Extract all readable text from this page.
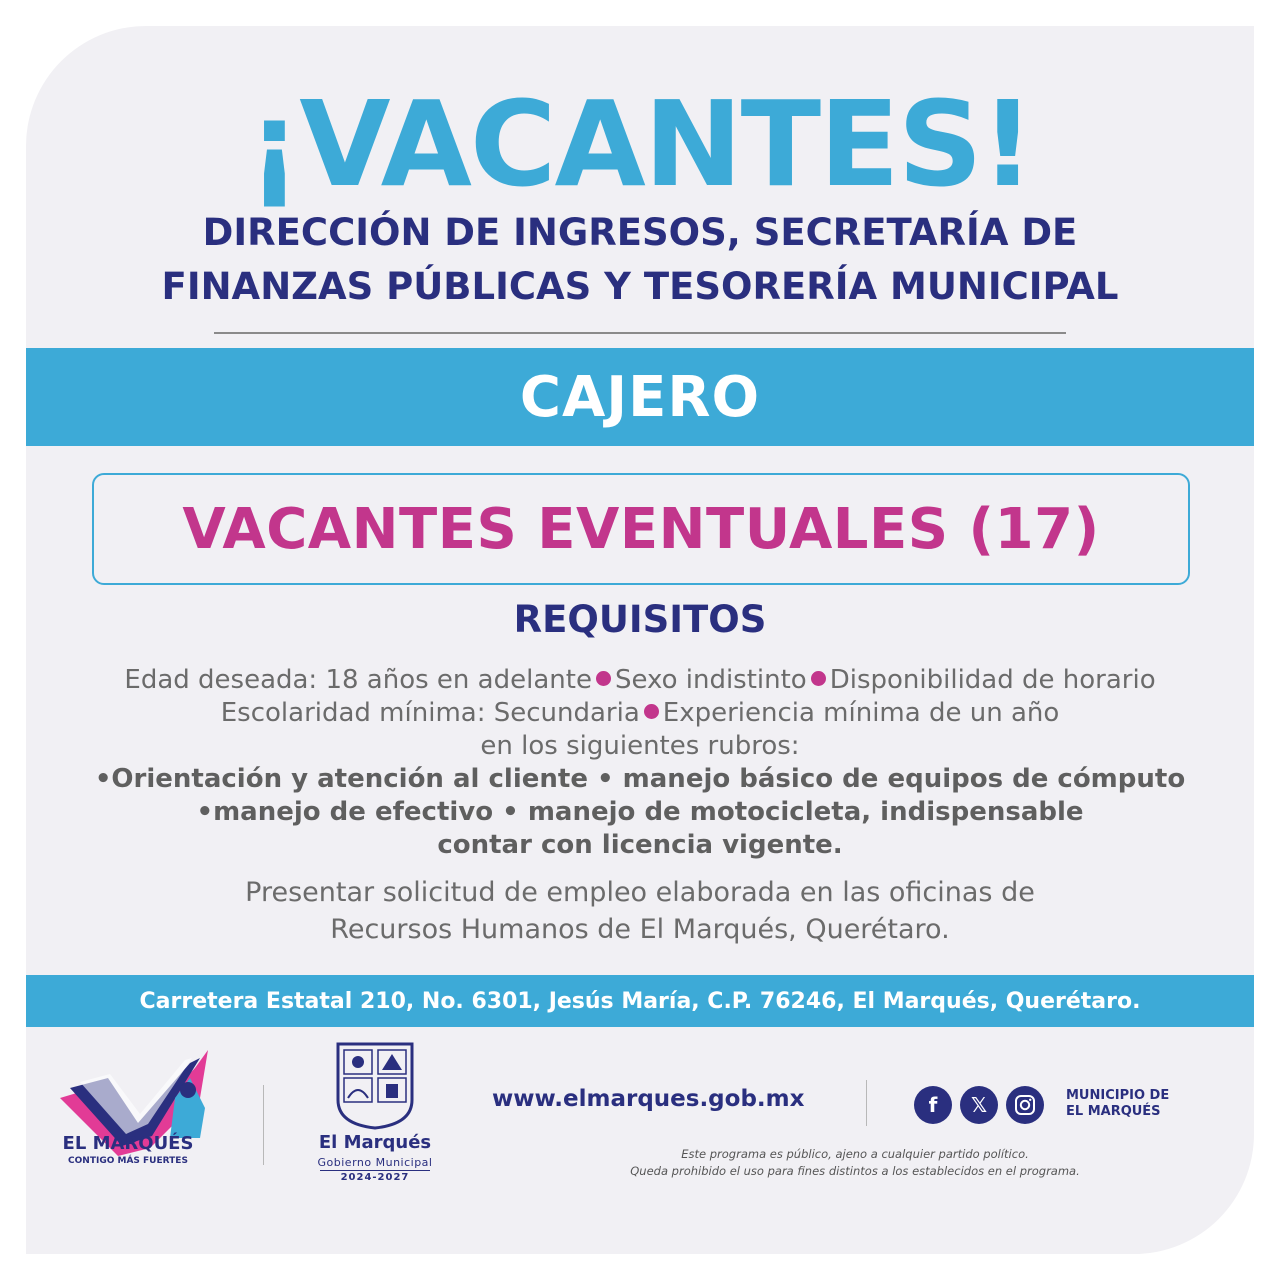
¡VACANTES!
DIRECCIÓN DE INGRESOS, SECRETARÍA DE
FINANZAS PÚBLICAS Y TESORERÍA MUNICIPAL
CAJERO
VACANTES EVENTUALES (17)
REQUISITOS
Edad deseada: 18 años en adelante Sexo indistinto Disponibilidad de horario
Escolaridad mínima: Secundaria Experiencia mínima de un año
en los siguientes rubros:
•Orientación y atención al cliente • manejo básico de equipos de cómputo
•manejo de efectivo • manejo de motocicleta, indispensable
contar con licencia vigente.
Presentar solicitud de empleo elaborada en las oficinas de
Recursos Humanos de El Marqués, Querétaro.
Carretera Estatal 210, No. 6301, Jesús María, C.P. 76246, El Marqués, Querétaro.
EL MARQUÉS
CONTIGO MÁS FUERTES
El Marqués
Gobierno Municipal
2024-2027
www.elmarques.gob.mx	f	𝕏	MUNICIPIO DE
EL MARQUÉS
Este programa es público, ajeno a cualquier partido político.
Queda prohibido el uso para fines distintos a los establecidos en el programa.
